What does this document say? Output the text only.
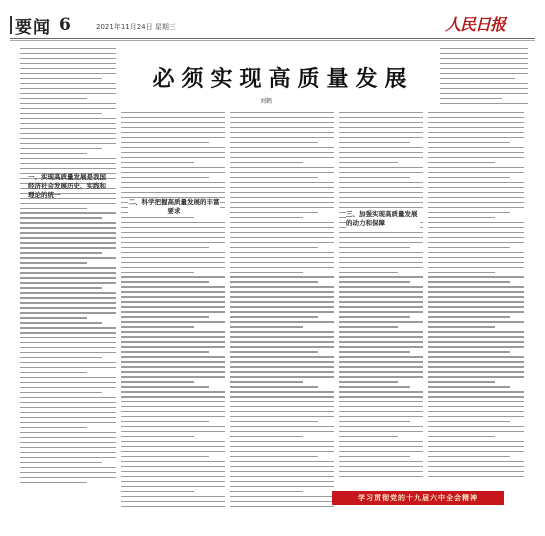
要闻 6	2021年11月24日 星期三	人民日报
必须实现高质量发展
刘鹤
一、实现高质量发展是我国经济社会发展历史、实践和理论的统一
二、科学把握高质量发展的丰富要求	三、加强实现高质量发展的动力和保障
学习贯彻党的十九届六中全会精神
